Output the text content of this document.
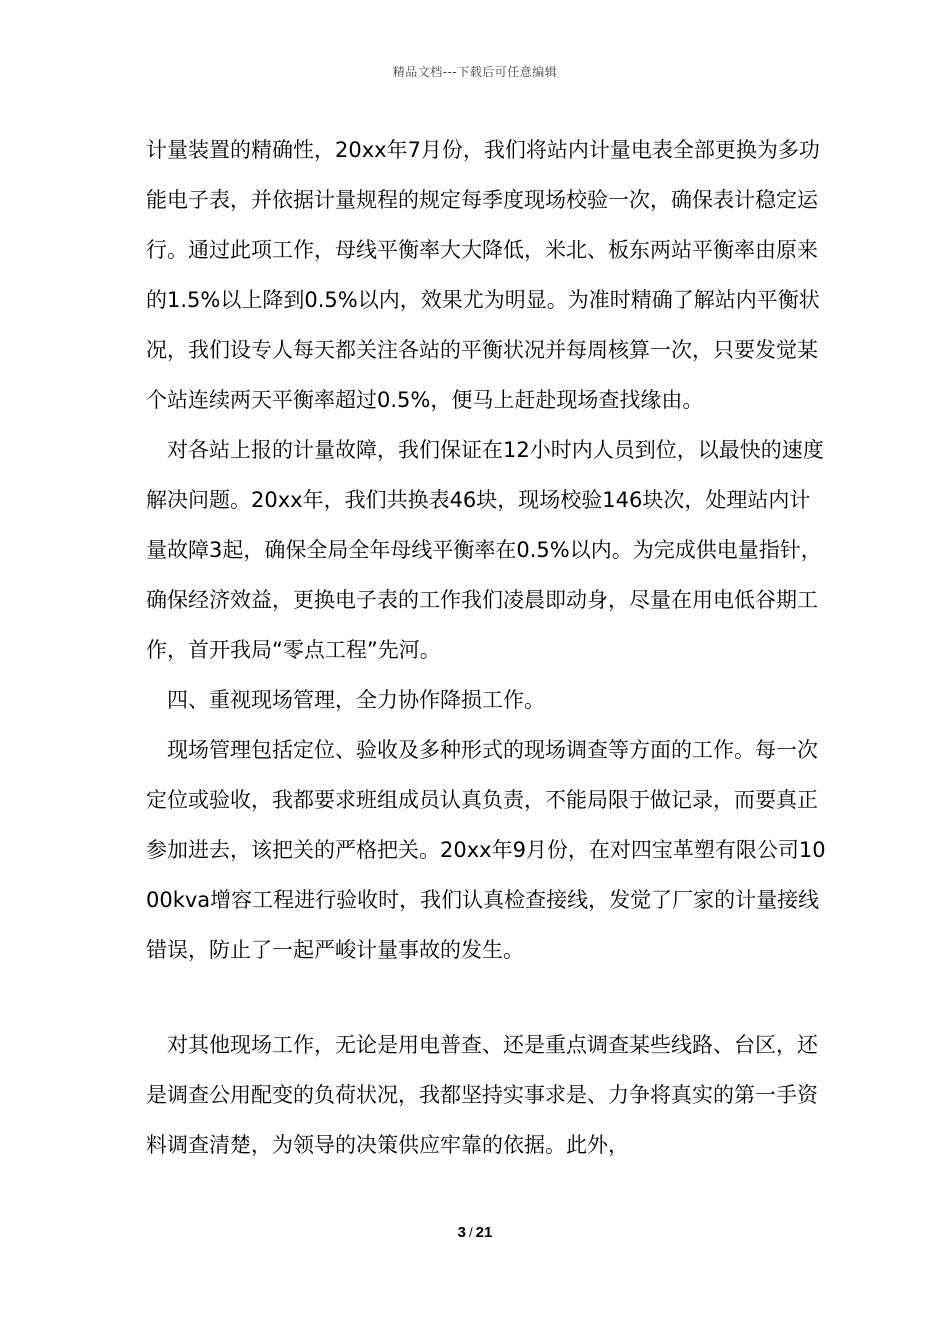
精品文档---下载后可任意编辑

计量装置的精确性，20xx年7月份，我们将站内计量电表全部更换为多功能电子表，并依据计量规程的规定每季度现场校验一次，确保表计稳定运行。通过此项工作，母线平衡率大大降低，米北、板东两站平衡率由原来的1.5%以上降到0.5%以内，效果尤为明显。为准时精确了解站内平衡状况，我们设专人每天都关注各站的平衡状况并每周核算一次，只要发觉某个站连续两天平衡率超过0.5%，便马上赶赴现场查找缘由。

对各站上报的计量故障，我们保证在12小时内人员到位，以最快的速度解决问题。20xx年，我们共换表46块，现场校验146块次，处理站内计量故障3起，确保全局全年母线平衡率在0.5%以内。为完成供电量指针，确保经济效益，更换电子表的工作我们凌晨即动身，尽量在用电低谷期工作，首开我局“零点工程”先河。

四、重视现场管理，全力协作降损工作。

现场管理包括定位、验收及多种形式的现场调查等方面的工作。每一次定位或验收，我都要求班组成员认真负责，不能局限于做记录，而要真正参加进去，该把关的严格把关。20xx年9月份，在对四宝革塑有限公司1000kva增容工程进行验收时，我们认真检查接线，发觉了厂家的计量接线错误，防止了一起严峻计量事故的发生。

对其他现场工作，无论是用电普查、还是重点调查某些线路、台区，还是调查公用配变的负荷状况，我都坚持实事求是、力争将真实的第一手资料调查清楚，为领导的决策供应牢靠的依据。此外，

3 / 21
